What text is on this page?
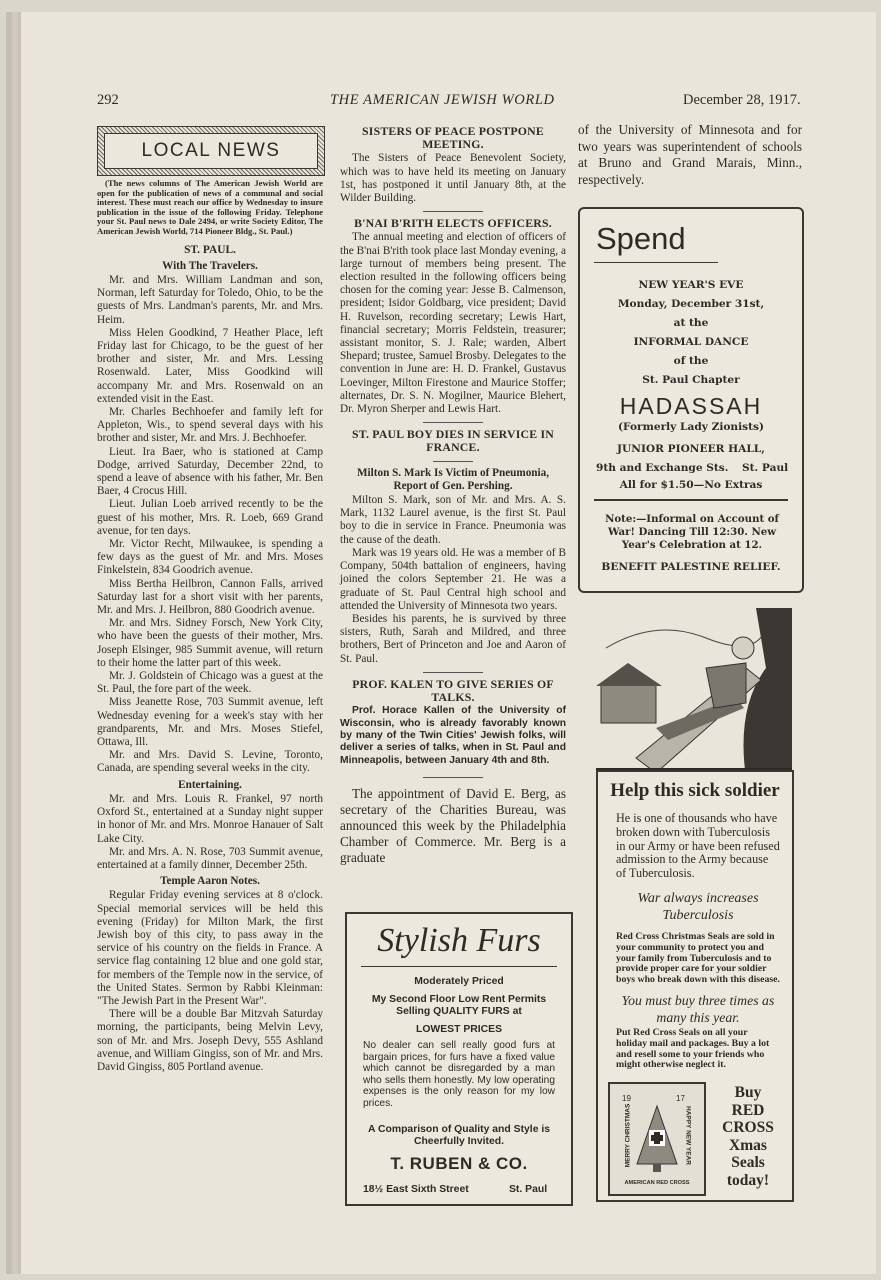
292	THE AMERICAN JEWISH WORLD	December 28, 1917.
LOCAL NEWS
(The news columns of The American Jewish World are open for the publication of news of a communal and social interest. These must reach our office by Wednesday to insure publication in the issue of the following Friday. Telephone your St. Paul news to Dale 2494, or write Society Editor, The American Jewish World, 714 Pioneer Bldg., St. Paul.)
ST. PAUL.
With The Travelers.

Mr. and Mrs. William Landman and son, Norman, left Saturday for Toledo, Ohio, to be the guests of Mrs. Landman's parents, Mr. and Mrs. Heim.

Miss Helen Goodkind, 7 Heather Place, left Friday last for Chicago, to be the guest of her brother and sister, Mr. and Mrs. Lessing Rosenwald. Later, Miss Goodkind will accompany Mr. and Mrs. Rosenwald on an extended visit in the East.

Mr. Charles Bechhoefer and family left for Appleton, Wis., to spend several days with his brother and sister, Mr. and Mrs. J. Bechhoefer.

Lieut. Ira Baer, who is stationed at Camp Dodge, arrived Saturday, December 22nd, to spend a leave of absence with his father, Mr. Ben Baer, 4 Crocus Hill.

Lieut. Julian Loeb arrived recently to be the guest of his mother, Mrs. R. Loeb, 669 Grand avenue, for ten days.

Mr. Victor Recht, Milwaukee, is spending a few days as the guest of Mr. and Mrs. Moses Finkelstein, 834 Goodrich avenue.

Miss Bertha Heilbron, Cannon Falls, arrived Saturday last for a short visit with her parents, Mr. and Mrs. J. Heilbron, 880 Goodrich avenue.

Mr. and Mrs. Sidney Forsch, New York City, who have been the guests of their mother, Mrs. Joseph Elsinger, 985 Summit avenue, will return to their home the latter part of this week.

Mr. J. Goldstein of Chicago was a guest at the St. Paul, the fore part of the week.

Miss Jeanette Rose, 703 Summit avenue, left Wednesday evening for a week's stay with her grandparents, Mr. and Mrs. Moses Stiefel, Ottawa, Ill.

Mr. and Mrs. David S. Levine, Toronto, Canada, are spending several weeks in the city.

Entertaining.

Mr. and Mrs. Louis R. Frankel, 97 north Oxford St., entertained at a Sunday night supper in honor of Mr. and Mrs. Monroe Hanauer of Salt Lake City.

Mr. and Mrs. A. N. Rose, 703 Summit avenue, entertained at a family dinner, December 25th.

Temple Aaron Notes.

Regular Friday evening services at 8 o'clock. Special memorial services will be held this evening (Friday) for Milton Mark, the first Jewish boy of this city, to pass away in the service of his country on the fields in France. A service flag containing 12 blue and one gold star, for members of the Temple now in the service, of the United States. Sermon by Rabbi Kleinman: "The Jewish Part in the Present War".

There will be a double Bar Mitzvah Saturday morning, the participants, being Melvin Levy, son of Mr. and Mrs. Joseph Devy, 555 Ashland avenue, and William Gingiss, son of Mr. and Mrs. David Gingiss, 805 Portland avenue.

SISTERS OF PEACE POSTPONE MEETING.

The Sisters of Peace Benevolent Society, which was to have held its meeting on January 1st, has postponed it until January 8th, at the Wilder Building.

B'NAI B'RITH ELECTS OFFICERS.

The annual meeting and election of officers of the B'nai B'rith took place last Monday evening, a large turnout of members being present. The election resulted in the following officers being chosen for the coming year: Jesse B. Calmenson, president; Isidor Goldbarg, vice president; David H. Ruvelson, recording secretary; Lewis Hart, financial secretary; Morris Feldstein, treasurer; assistant monitor, S. J. Rale; warden, Albert Shepard; trustee, Samuel Brosby. Delegates to the convention in June are: H. D. Frankel, Gustavus Loevinger, Milton Firestone and Maurice Stoffer; alternates, Dr. S. N. Mogilner, Maurice Blehert, Dr. Myron Sherper and Lewis Hart.

ST. PAUL BOY DIES IN SERVICE IN FRANCE.
Milton S. Mark Is Victim of Pneumonia, Report of Gen. Pershing.

Milton S. Mark, son of Mr. and Mrs. A. S. Mark, 1132 Laurel avenue, is the first St. Paul boy to die in service in France. Pneumonia was the cause of the death.

Mark was 19 years old. He was a member of B Company, 504th battalion of engineers, having joined the colors September 21. He was a graduate of St. Paul Central high school and attended the University of Minnesota two years.

Besides his parents, he is survived by three sisters, Ruth, Sarah and Mildred, and three brothers, Bert of Princeton and Joe and Aaron of St. Paul.

PROF. KALEN TO GIVE SERIES OF TALKS.

Prof. Horace Kallen of the University of Wisconsin, who is already favorably known by many of the Twin Cities' Jewish folks, will deliver a series of talks, when in St. Paul and Minneapolis, between January 4th and 8th.

The appointment of David E. Berg, as secretary of the Charities Bureau, was announced this week by the Philadelphia Chamber of Commerce. Mr. Berg is a graduate

of the University of Minnesota and for two years was superintendent of schools at Bruno and Grand Marais, Minn., respectively.

Spend
NEW YEAR'S EVE
Monday, December 31st,
at the
INFORMAL DANCE
of the
St. Paul Chapter
HADASSAH
(Formerly Lady Zionists)
JUNIOR PIONEER HALL,
9th and Exchange Sts. St. Paul
All for $1.50—No Extras
Note:—Informal on Account of War! Dancing Till 12:30. New Year's Celebration at 12.
BENEFIT PALESTINE RELIEF.
Stylish Furs
Moderately Priced
My Second Floor Low Rent Permits Selling QUALITY FURS at
LOWEST PRICES
No dealer can sell really good furs at bargain prices, for furs have a fixed value which cannot be disregarded by a man who sells them honestly. My low operating expenses is the only reason for my low prices.
A Comparison of Quality and Style is Cheerfully Invited.
T. RUBEN & CO.
18½ East Sixth Street	St. Paul
Help this sick soldier
He is one of thousands who have broken down with Tuberculosis in our Army or have been refused admission to the Army because of Tuberculosis.
War always increases Tuberculosis
Red Cross Christmas Seals are sold in your community to protect you and your family from Tuberculosis and to provide proper care for your soldier boys who break down with this disease.
You must buy three times as many this year.
Put Red Cross Seals on all your holiday mail and packages. Buy a lot and resell some to your friends who might otherwise neglect it.
MERRY CHRISTMAS	HAPPY NEW YEAR
19	17
AMERICAN RED CROSS
Buy
RED
CROSS
Xmas
Seals
today!
